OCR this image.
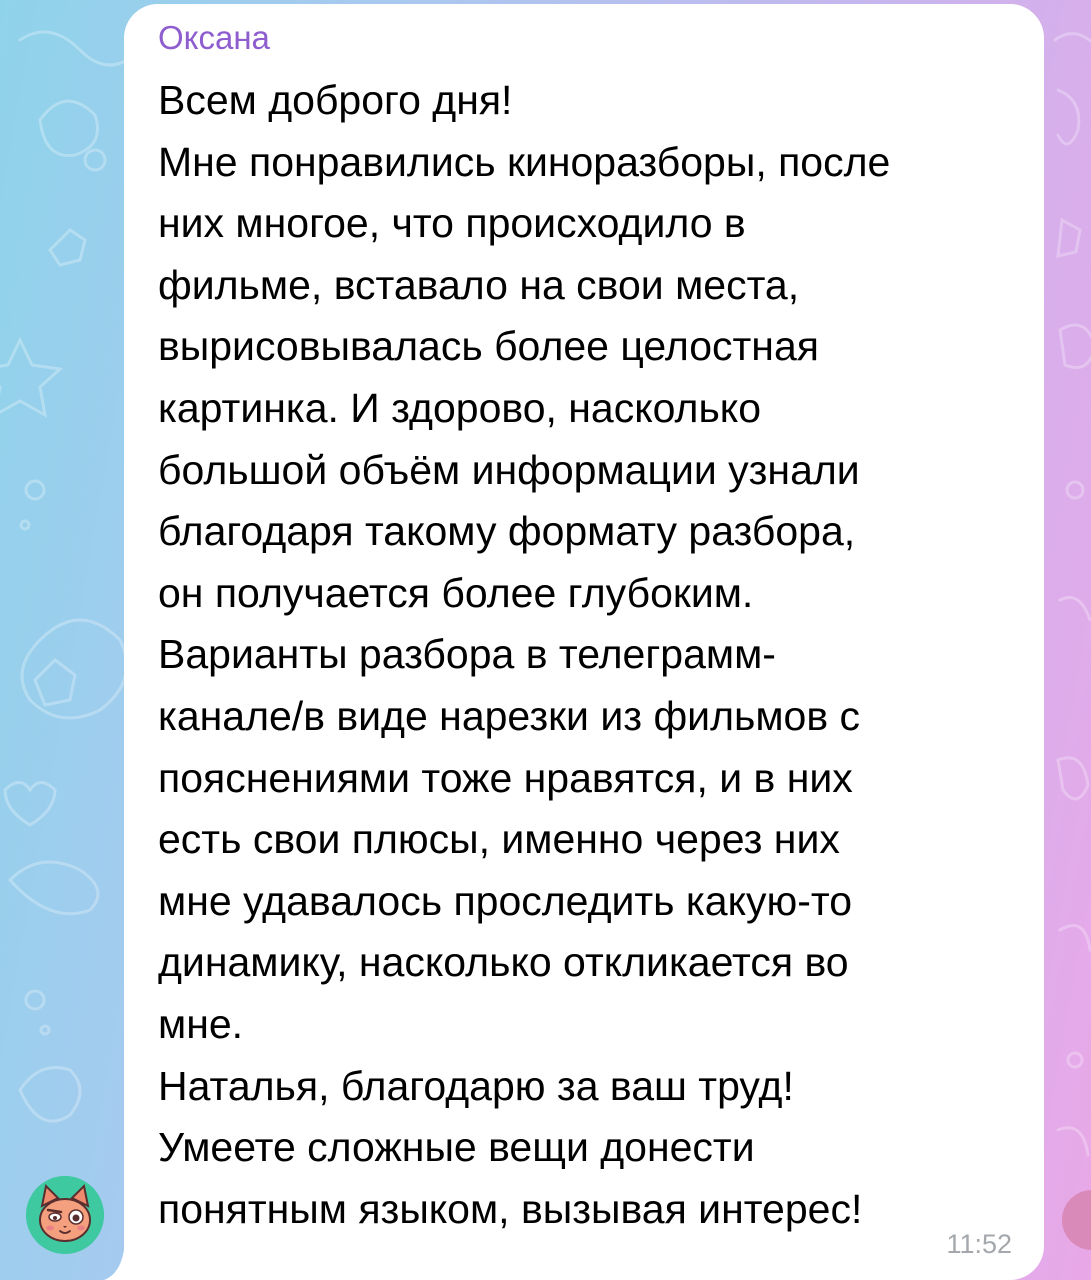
Оксана
Всем доброго дня!
Мне понравились киноразборы, после
них многое, что происходило в
фильме, вставало на свои места,
вырисовывалась более целостная
картинка. И здорово, насколько
большой объём информации узнали
благодаря такому формату разбора,
он получается более глубоким.
Варианты разбора в телеграмм-
канале/в виде нарезки из фильмов с
пояснениями тоже нравятся, и в них
есть свои плюсы, именно через них
мне удавалось проследить какую-то
динамику, насколько откликается во
мне.
Наталья, благодарю за ваш труд!
Умеете сложные вещи донести
понятным языком, вызывая интерес!
11:52
